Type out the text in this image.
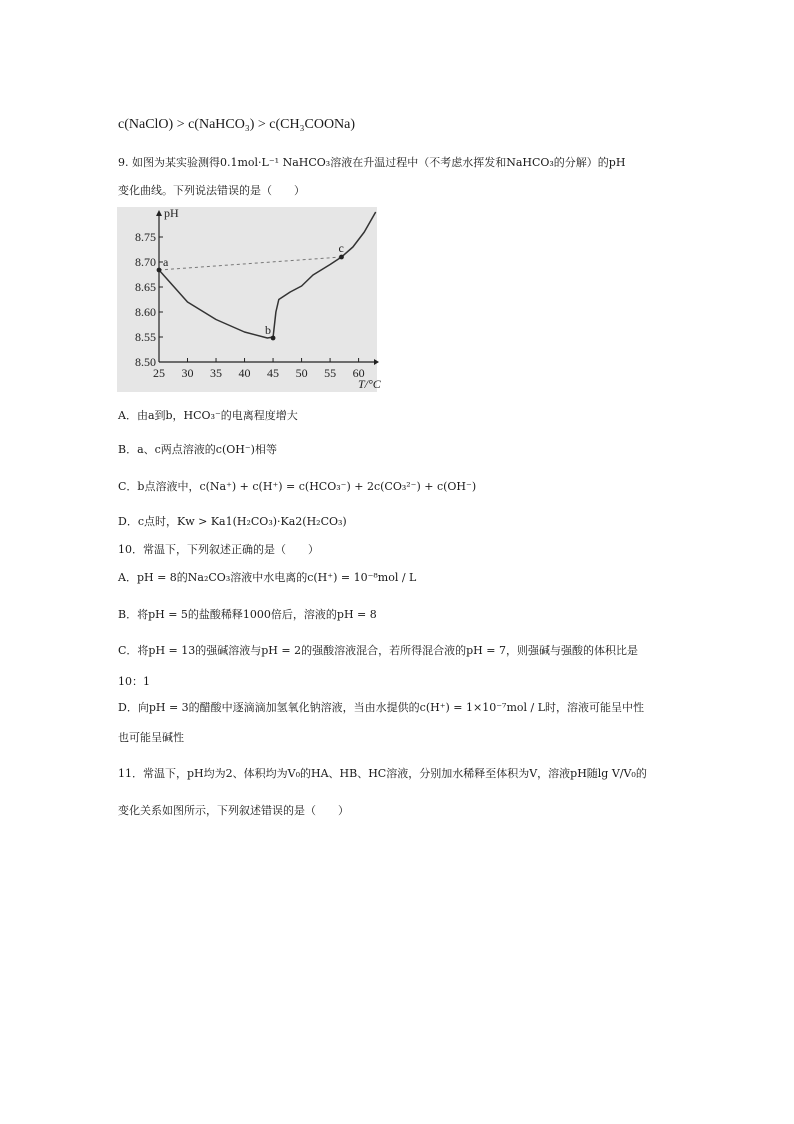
c(NaClO) > c(NaHCO₃) > c(CH₃COONa)
9. 如图为某实验测得0.1mol·L⁻¹ NaHCO₃溶液在升温过程中（不考虑水挥发和NaHCO₃的分解）的pH
变化曲线。下列说法错误的是（　　）
8.50
8.55
8.60
8.65
8.70
8.75
25 30 35 40 45 50 55 60
pH
T/°C
a
b
c
A．由a到b，HCO₃⁻的电离程度增大
B．a、c两点溶液的c(OH⁻)相等
C．b点溶液中，c(Na⁺) + c(H⁺) = c(HCO₃⁻) + 2c(CO₃²⁻) + c(OH⁻)
D．c点时，Kw > Ka1(H₂CO₃)·Ka2(H₂CO₃)
10．常温下，下列叙述正确的是（　　）
A．pH = 8的Na₂CO₃溶液中水电离的c(H⁺) = 10⁻⁸mol / L
B．将pH = 5的盐酸稀释1000倍后，溶液的pH = 8
C．将pH = 13的强碱溶液与pH = 2的强酸溶液混合，若所得混合液的pH = 7，则强碱与强酸的体积比是
10：1
D．向pH = 3的醋酸中逐滴滴加氢氧化钠溶液，当由水提供的c(H⁺) = 1×10⁻⁷mol / L时，溶液可能呈中性
也可能呈碱性
11．常温下，pH均为2、体积均为V₀的HA、HB、HC溶液，分别加水稀释至体积为V，溶液pH随lg V/V₀的
变化关系如图所示，下列叙述错误的是（　　）
